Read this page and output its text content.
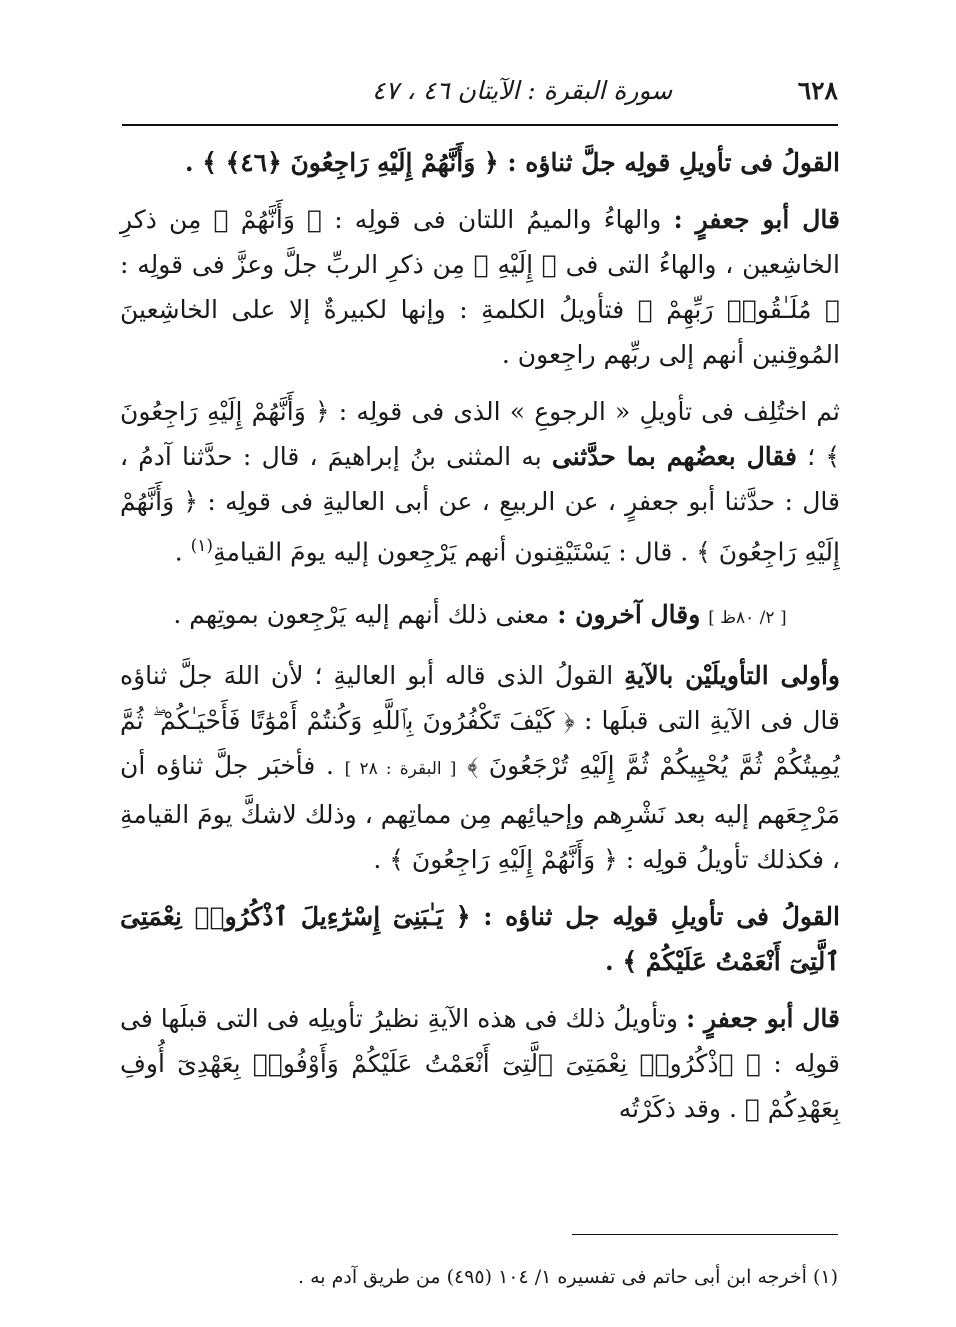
٦٢٨
سورة البقرة : الآيتان ٤٦ ، ٤٧

القولُ فى تأويلِ قولِه جلَّ ثناؤه : ﴿ وَأَنَّهُمْ إِلَيْهِ رَاجِعُونَ ﴿٤٦﴾ ﴾ .

قال أبو جعفرٍ : والهاءُ والميمُ اللتان فى قولِه : ﴿ وَأَنَّهُمْ ﴾ مِن ذكرِ الخاشِعين ، والهاءُ التى فى ﴿ إِلَيْهِ ﴾ مِن ذكرِ الربِّ جلَّ وعزَّ فى قولِه : ﴿ مُلَـٰقُوا۟ رَبِّهِمْ ﴾ فتأويلُ الكلمةِ : وإنها لكبيرةٌ إلا على الخاشِعينَ المُوقِنين أنهم إلى ربِّهم راجِعون .

ثم اختُلِف فى تأويلِ « الرجوعِ » الذى فى قولِه : ﴿ وَأَنَّهُمْ إِلَيْهِ رَاجِعُونَ ﴾ ؛ فقال بعضُهم بما حدَّثنى به المثنى بنُ إبراهيمَ ، قال : حدَّثنا آدمُ ، قال : حدَّثنا أبو جعفرٍ ، عن الربيعِ ، عن أبى العاليةِ فى قولِه : ﴿ وَأَنَّهُمْ إِلَيْهِ رَاجِعُونَ ﴾ . قال : يَسْتَيْقِنون أنهم يَرْجِعون إليه يومَ القيامةِ$^{(١)}$ .

[ ٢/ ٨٠ظ ] وقال آخرون : معنى ذلك أنهم إليه يَرْجِعون بموتِهم .

وأولى التأويلَيْن بالآيةِ القولُ الذى قاله أبو العاليةِ ؛ لأن اللهَ جلَّ ثناؤه قال فى الآيةِ التى قبلَها : ﴿ كَيْفَ تَكْفُرُونَ بِٱللَّهِ وَكُنتُمْ أَمْوَٰتًا فَأَحْيَـٰكُمْ ۖ ثُمَّ يُمِيتُكُمْ ثُمَّ يُحْيِيكُمْ ثُمَّ إِلَيْهِ تُرْجَعُونَ ﴾ [ البقرة : ٢٨ ] . فأخبَر جلَّ ثناؤه أن مَرْجِعَهم إليه بعد نَشْرِهم وإحيائِهم مِن مماتِهم ، وذلك لاشكَّ يومَ القيامةِ ، فكذلك تأويلُ قولِه : ﴿ وَأَنَّهُمْ إِلَيْهِ رَاجِعُونَ ﴾ .

القولُ فى تأويلِ قولِه جل ثناؤه : ﴿ يَـٰبَنِىٓ إِسْرَٰٓءِيلَ ٱذْكُرُوا۟ نِعْمَتِىَ ٱلَّتِىٓ أَنْعَمْتُ عَلَيْكُمْ ﴾ .

قال أبو جعفرٍ : وتأويلُ ذلك فى هذه الآيةِ نظيرُ تأويلِه فى التى قبلَها فى قولِه : ﴿ ٱذْكُرُوا۟ نِعْمَتِىَ ٱلَّتِىٓ أَنْعَمْتُ عَلَيْكُمْ وَأَوْفُوا۟ بِعَهْدِىٓ أُوفِ بِعَهْدِكُمْ ﴾ . وقد ذكَرْتُه

(١) أخرجه ابن أبى حاتم فى تفسيره ١/ ١٠٤ (٤٩٥) من طريق آدم به .
